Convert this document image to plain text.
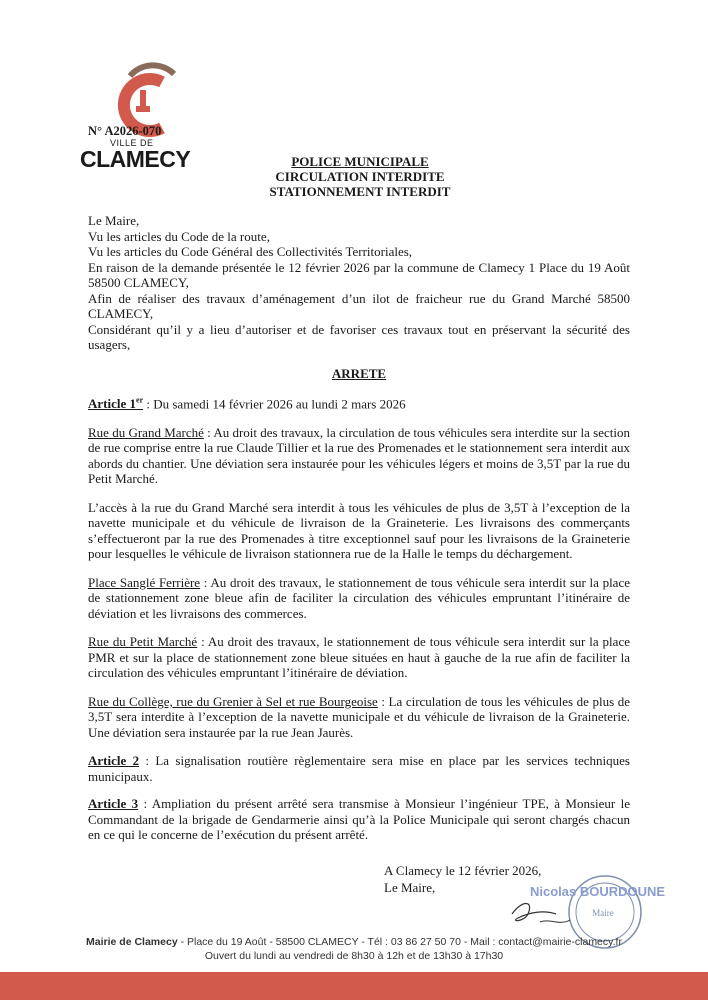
N° A2026-070
VILLE DE
CLAMECY	POLICE MUNICIPALE
CIRCULATION INTERDITE
STATIONNEMENT INTERDIT

Le Maire,

Vu les articles du Code de la route,

Vu les articles du Code Général des Collectivités Territoriales,

En raison de la demande présentée le 12 février 2026 par la commune de Clamecy 1 Place du 19 Août 58500 CLAMECY,

Afin de réaliser des travaux d’aménagement d’un ilot de fraicheur rue du Grand Marché 58500 CLAMECY,

Considérant qu’il y a lieu d’autoriser et de favoriser ces travaux tout en préservant la sécurité des usagers,

ARRETE

Article 1er : Du samedi 14 février 2026 au lundi 2 mars 2026

Rue du Grand Marché : Au droit des travaux, la circulation de tous véhicules sera interdite sur la section de rue comprise entre la rue Claude Tillier et la rue des Promenades et le stationnement sera interdit aux abords du chantier. Une déviation sera instaurée pour les véhicules légers et moins de 3,5T par la rue du Petit Marché.

L’accès à la rue du Grand Marché sera interdit à tous les véhicules de plus de 3,5T à l’exception de la navette municipale et du véhicule de livraison de la Graineterie. Les livraisons des commerçants s’effectueront par la rue des Promenades à titre exceptionnel sauf pour les livraisons de la Graineterie pour lesquelles le véhicule de livraison stationnera rue de la Halle le temps du déchargement.

Place Sanglé Ferrière : Au droit des travaux, le stationnement de tous véhicule sera interdit sur la place de stationnement zone bleue afin de faciliter la circulation des véhicules empruntant l’itinéraire de déviation et les livraisons des commerces.

Rue du Petit Marché : Au droit des travaux, le stationnement de tous véhicule sera interdit sur la place PMR et sur la place de stationnement zone bleue situées en haut à gauche de la rue afin de faciliter la circulation des véhicules empruntant l’itinéraire de déviation.

Rue du Collège, rue du Grenier à Sel et rue Bourgeoise : La circulation de tous les véhicules de plus de 3,5T sera interdite à l’exception de la navette municipale et du véhicule de livraison de la Graineterie. Une déviation sera instaurée par la rue Jean Jaurès.

Article 2 : La signalisation routière règlementaire sera mise en place par les services techniques municipaux.

Article 3 : Ampliation du présent arrêté sera transmise à Monsieur l’ingénieur TPE, à Monsieur le Commandant de la brigade de Gendarmerie ainsi qu’à la Police Municipale qui seront chargés chacun en ce qui le concerne de l’exécution du présent arrêté.

A Clamecy le 12 février 2026,
Le Maire,
Maire
Nicolas BOURDOUNE
Mairie de Clamecy - Place du 19 Août - 58500 CLAMECY - Tél : 03 86 27 50 70 - Mail : contact@mairie-clamecy.fr
Ouvert du lundi au vendredi de 8h30 à 12h et de 13h30 à 17h30
